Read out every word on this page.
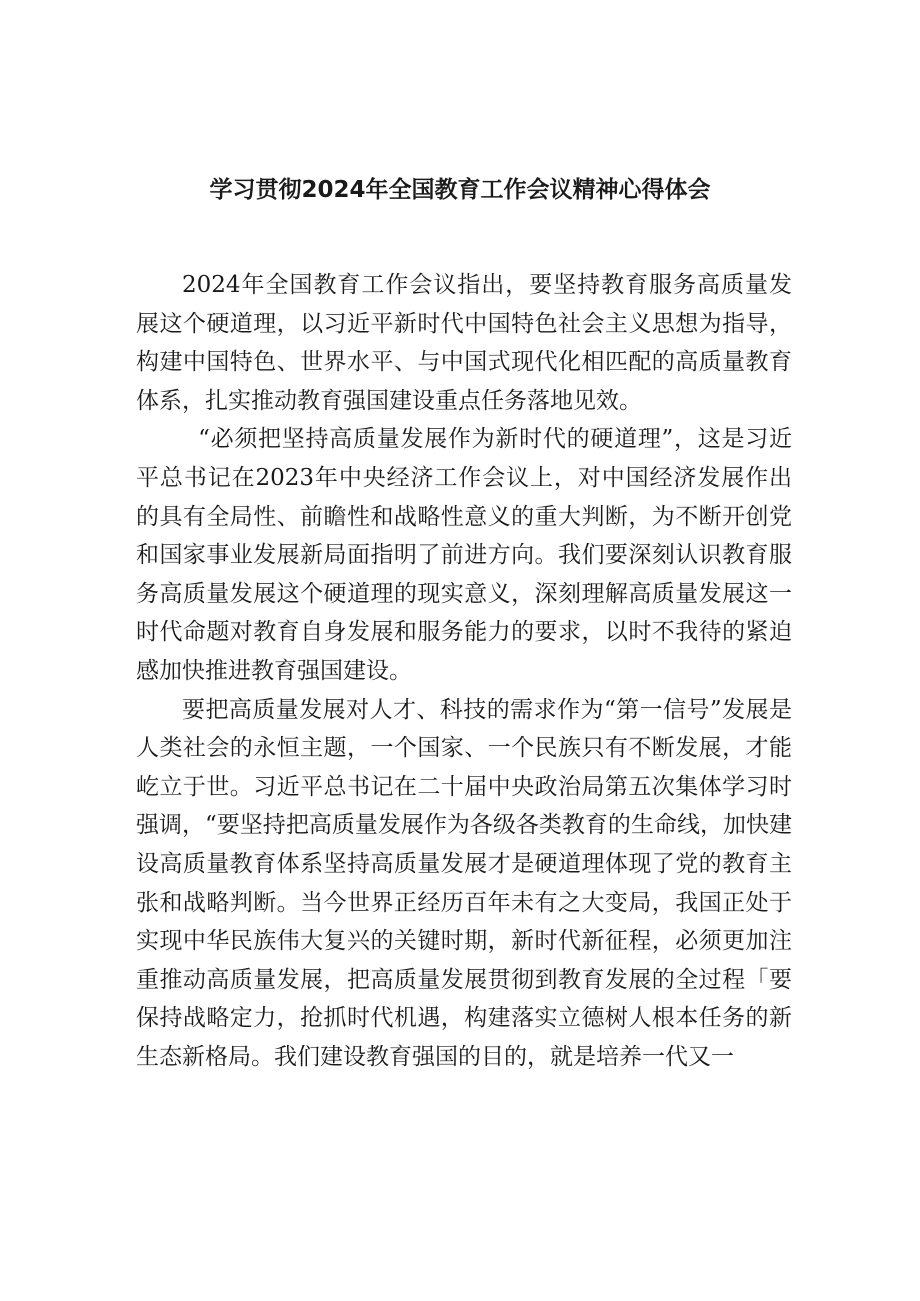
学习贯彻2024年全国教育工作会议精神心得体会

2024年全国教育工作会议指出，要坚持教育服务高质量发展这个硬道理，以习近平新时代中国特色社会主义思想为指导，构建中国特色、世界水平、与中国式现代化相匹配的高质量教育体系，扎实推动教育强国建设重点任务落地见效。

“必须把坚持高质量发展作为新时代的硬道理”，这是习近平总书记在2023年中央经济工作会议上，对中国经济发展作出的具有全局性、前瞻性和战略性意义的重大判断，为不断开创党和国家事业发展新局面指明了前进方向。我们要深刻认识教育服务高质量发展这个硬道理的现实意义，深刻理解高质量发展这一时代命题对教育自身发展和服务能力的要求，以时不我待的紧迫感加快推进教育强国建设。

要把高质量发展对人才、科技的需求作为“第一信号”发展是人类社会的永恒主题，一个国家、一个民族只有不断发展，才能屹立于世。习近平总书记在二十届中央政治局第五次集体学习时强调，“要坚持把高质量发展作为各级各类教育的生命线，加快建设高质量教育体系坚持高质量发展才是硬道理体现了党的教育主张和战略判断。当今世界正经历百年未有之大变局，我国正处于实现中华民族伟大复兴的关键时期，新时代新征程，必须更加注重推动高质量发展，把高质量发展贯彻到教育发展的全过程「要保持战略定力，抢抓时代机遇，构建落实立德树人根本任务的新生态新格局。我们建设教育强国的目的，就是培养一代又一
